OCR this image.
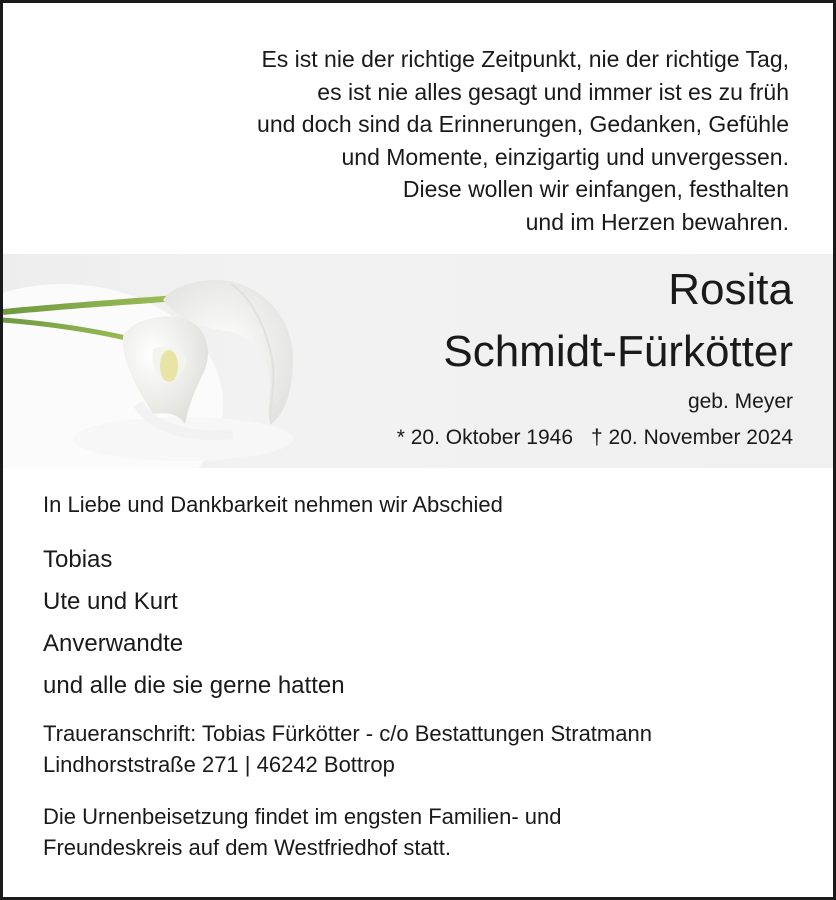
Es ist nie der richtige Zeitpunkt, nie der richtige Tag,
es ist nie alles gesagt und immer ist es zu früh
und doch sind da Erinnerungen, Gedanken, Gefühle
und Momente, einzigartig und unvergessen.
Diese wollen wir einfangen, festhalten
und im Herzen bewahren.
Rosita
Schmidt-Fürkötter
geb. Meyer
* 20. Oktober 1946 † 20. November 2024
In Liebe und Dankbarkeit nehmen wir Abschied
Tobias
Ute und Kurt
Anverwandte
und alle die sie gerne hatten
Traueranschrift: Tobias Fürkötter - c/o Bestattungen Stratmann
Lindhorststraße 271 | 46242 Bottrop
Die Urnenbeisetzung findet im engsten Familien- und
Freundeskreis auf dem Westfriedhof statt.
